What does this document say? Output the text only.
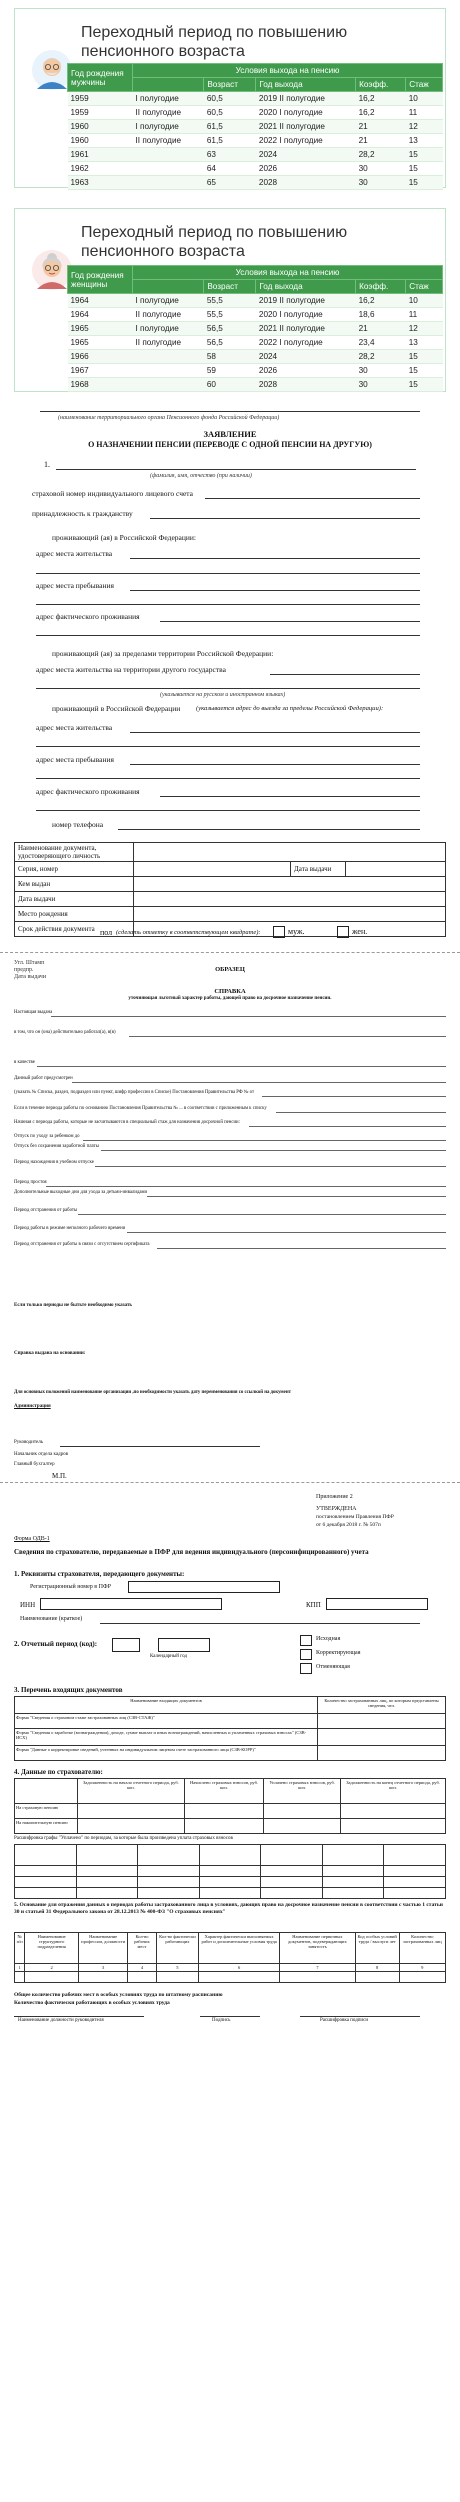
Переходный период по повышению пенсионного возраста
Год рождения мужчины	Условия выхода на пенсию				
		Возраст	Год выхода	Коэфф.	Стаж
1959	I полугодие	60,5	2019 II полугодие	16,2	10
1959	II полугодие	60,5	2020 I полугодие	16,2	11
1960	I полугодие	61,5	2021 II полугодие	21	12
1960	II полугодие	61,5	2022 I полугодие	21	13
1961		63	2024	28,2	15
1962		64	2026	30	15
1963		65	2028	30	15
Переходный период по повышению пенсионного возраста
Год рождения женщины	Условия выхода на пенсию				
		Возраст	Год выхода	Коэфф.	Стаж
1964	I полугодие	55,5	2019 II полугодие	16,2	10
1964	II полугодие	55,5	2020 I полугодие	18,6	11
1965	I полугодие	56,5	2021 II полугодие	21	12
1965	II полугодие	56,5	2022 I полугодие	23,4	13
1966		58	2024	28,2	15
1967		59	2026	30	15
1968		60	2028	30	15
(наименование территориального органа Пенсионного фонда Российской Федерации)
ЗАЯВЛЕНИЕ
О НАЗНАЧЕНИИ ПЕНСИИ (ПЕРЕВОДЕ С ОДНОЙ ПЕНСИИ НА ДРУГУЮ)
1.
(фамилия, имя, отчество (при наличии)
страховой номер индивидуального лицевого счета
принадлежность к гражданству
проживающий (ая) в Российской Федерации:
адрес места жительства
адрес места пребывания
адрес фактического проживания
проживающий (ая) за пределами территории Российской Федерации:
адрес места жительства на территории другого государства
(указывается на русском и иностранном языках)
проживающий в Российской Федерации (указывается адрес до выезда за пределы Российской Федерации):
адрес места жительства
адрес места пребывания
адрес фактического проживания
номер телефона
Наименование документа, удостоверяющего личность			
Серия, номер		Дата выдачи	
Кем выдан			
Дата выдачи			
Место рождения			
Срок действия документа			пол (сделать отметку в соответствующем квадрате):	муж.	жен.
Угл. Штамп
предпр.
Дата выдачи
ОБРАЗЕЦ
СПРАВКА
уточняющая льготный характер работы, дающей право на досрочное назначение пенсии.
Настоящая выдана
в том, что он (она) действительно работал(а), в(в)
в качестве
Данный работ предусмотрен
(указать № Списка, раздел, подраздел или пункт, шифр профессии в Списке) Постановления Правительства РФ № от
Если в течение периода работы по основанию Постановления Правительства № ... в соответствии с приложенным к списку
Начиная с периода работы, которые не засчитываются в специальный стаж для назначения досрочной пенсии:
Отпуск по уходу за ребенком до
Отпуск без сохранения заработной платы
Период нахождения в учебном отпуске
Период простоя
Дополнительные выходные дни для ухода за детьми-инвалидами
Период отстранения от работы
Период работы в режиме неполного рабочего времени
Период отстранения от работы в связи с отсутствием сертификата
Если только периоды не бытьте необходимо указать
Справка выдана на основании:
Для основных положений наименование организации ,по необходимости указать дату переименования со ссылкой на документ
Администрация
Руководитель
Начальник отдела кадров
Главный бухгалтер
М.П.
Приложение 2
УТВЕРЖДЕНА
постановлением Правления ПФР
от 6 декабря 2018 г. № 507п
Форма ОДВ-1
Сведения по страхователю, передаваемые в ПФР для ведения индивидуального (персонифицированного) учета
1. Реквизиты страхователя, передающего документы:
Регистрационный номер в ПФР
ИНН	КПП
Наименование (краткое)
2. Отчетный период (код):
Календарный год
Исходная
Корректирующая
Отменяющая
3. Перечень входящих документов
Наименование входящих документов	Количество застрахованных лиц, по которым представлены сведения, чел.
Форма "Сведения о страховом стаже застрахованных лиц (СЗВ-СТАЖ)"	
Форма "Сведения о заработке (вознаграждении), доходе, сумме выплат и иных вознаграждений, начисленных и уплаченных страховых взносах" (СЗВ-ИСХ)	
Форма "Данные о корректировке сведений, учтенных на индивидуальном лицевом счете застрахованного лица (СЗВ-КОРР)"	
4. Данные по страхователю:
	Задолженность на начало отчетного периода, руб. коп.	Начислено страховых взносов, руб. коп.	Уплачено страховых взносов, руб. коп.	Задолженность на конец отчетного периода, руб. коп.
На страховую пенсию				
На накопительную пенсию				
Расшифровка графы "Уплачено" по периодам, за которые была произведена уплата страховых взносов

5. Основание для отражения данных о периодах работы застрахованного лица в условиях, дающих право на досрочное назначение пенсии в соответствии с частью 1 статьи 30 и статьей 31 Федерального закона от 28.12.2013 № 400-ФЗ "О страховых пенсиях"
№ п/п	Наименование структурного подразделения	Наименование профессии, должности	Кол-во рабочих мест	Кол-во фактически работающих	Характер фактически выполняемых работ и дополнительные условия труда	Наименование первичных документов, подтверждающих занятость	Код особых условий труда / выслуги лет	Количество застрахованных лиц
1	2	3	4	5	6	7	8	9

Общее количество рабочих мест в особых условиях труда по штатному расписанию
Количество фактически работающих в особых условиях труда
Наименование должности руководителя	Подпись	Расшифровка подписи
